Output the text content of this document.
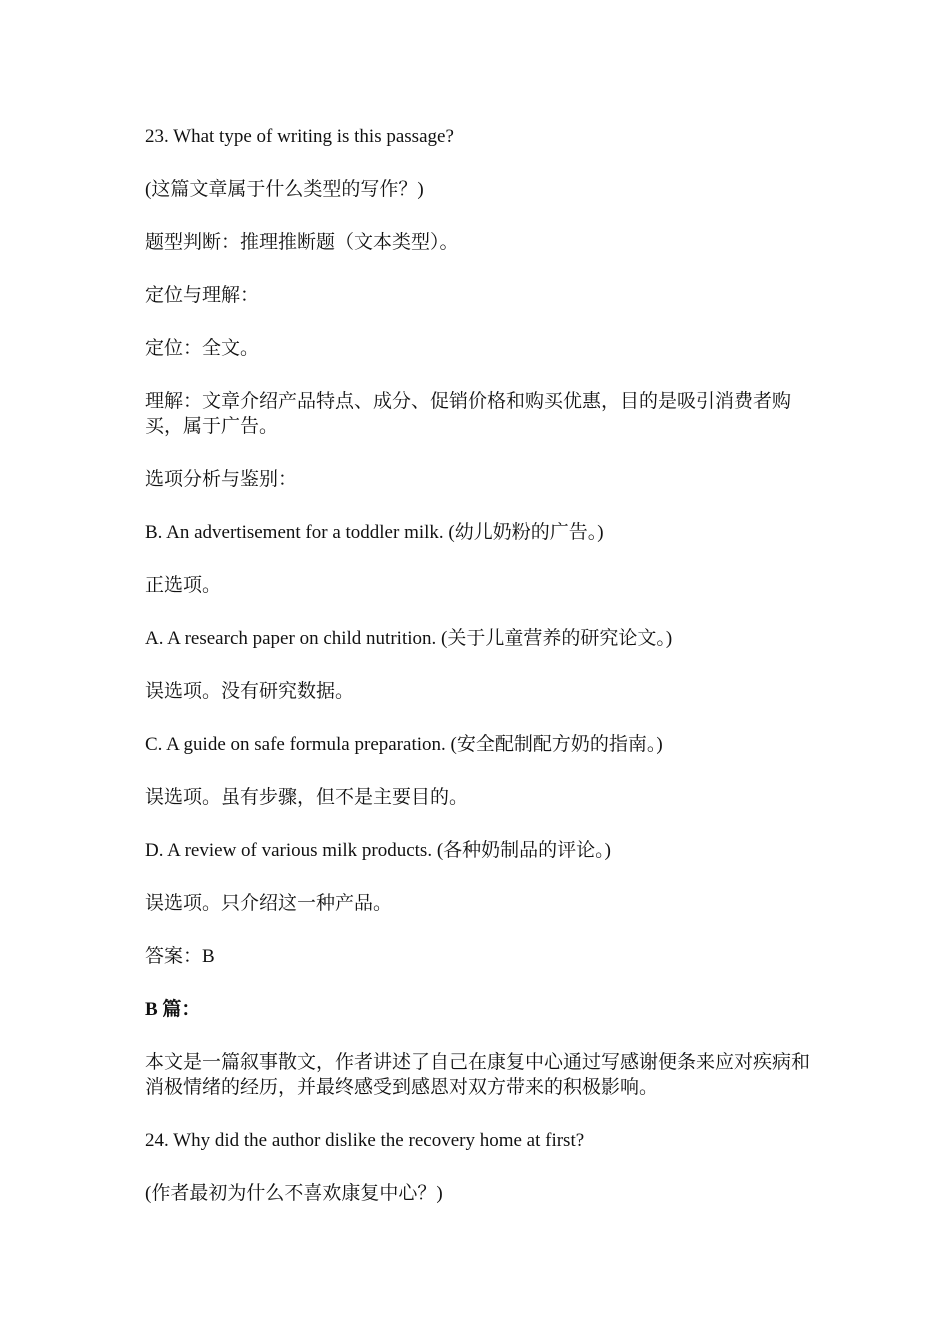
23. What type of writing is this passage?

(这篇文章属于什么类型的写作？)

题型判断：推理推断题（文本类型）。

定位与理解：

定位：全文。

理解：文章介绍产品特点、成分、促销价格和购买优惠，目的是吸引消费者购买，属于广告。

选项分析与鉴别：

B. An advertisement for a toddler milk. (幼儿奶粉的广告。)

正选项。

A. A research paper on child nutrition. (关于儿童营养的研究论文。)

误选项。没有研究数据。

C. A guide on safe formula preparation. (安全配制配方奶的指南。)

误选项。虽有步骤，但不是主要目的。

D. A review of various milk products. (各种奶制品的评论。)

误选项。只介绍这一种产品。

答案：B

B 篇：

本文是一篇叙事散文，作者讲述了自己在康复中心通过写感谢便条来应对疾病和消极情绪的经历，并最终感受到感恩对双方带来的积极影响。

24. Why did the author dislike the recovery home at first?

(作者最初为什么不喜欢康复中心？)
